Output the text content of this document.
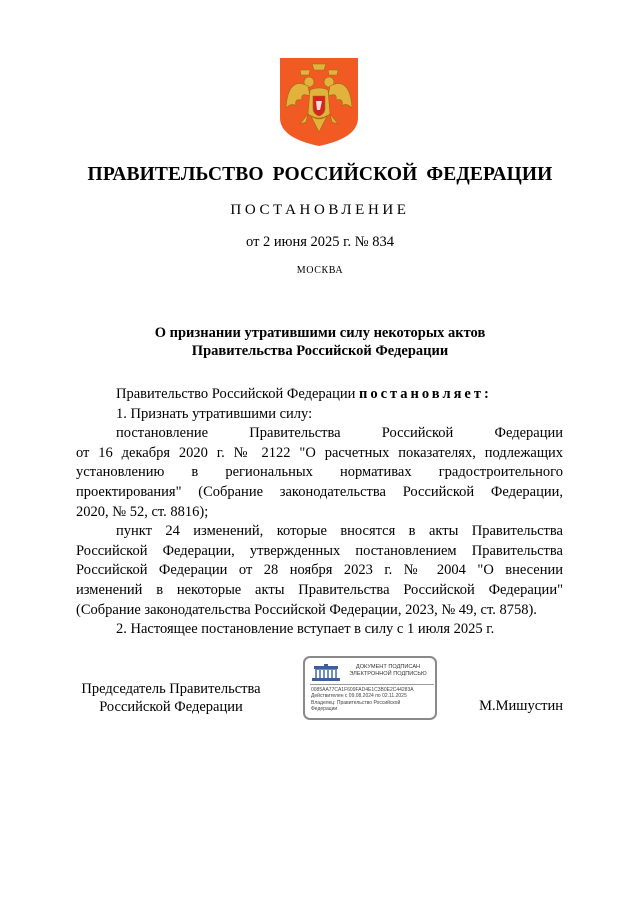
ПРАВИТЕЛЬСТВО РОССИЙСКОЙ ФЕДЕРАЦИИ
ПОСТАНОВЛЕНИЕ
от 2 июня 2025 г. № 834
МОСКВА
О признании утратившими силу некоторых актов
Правительства Российской Федерации

Правительство Российской Федерации постановляет:

1. Признать утратившими силу:

постановление Правительства Российской Федерации

от 16 декабря 2020 г. № 2122 "О расчетных показателях, подлежащих

установлению в региональных нормативах градостроительного

проектирования" (Собрание законодательства Российской Федерации,

2020, № 52, ст. 8816);

пункт 24 изменений, которые вносятся в акты Правительства

Российской Федерации, утвержденных постановлением Правительства

Российской Федерации от 28 ноября 2023 г. № 2004 "О внесении

изменений в некоторые акты Правительства Российской Федерации"

(Собрание законодательства Российской Федерации, 2023, № 49, ст. 8758).

2. Настоящее постановление вступает в силу с 1 июля 2025 г.

Председатель Правительства
Российской Федерации
ДОКУМЕНТ ПОДПИСАН
ЭЛЕКТРОННОЙ ПОДПИСЬЮ
0085AA77CA1F609FAD4E1C3B0E2C44283A
Действителен с 09.08.2024 по 02.11.2025
Владелец: Правительство Российской
Федерации	М.Мишустин
